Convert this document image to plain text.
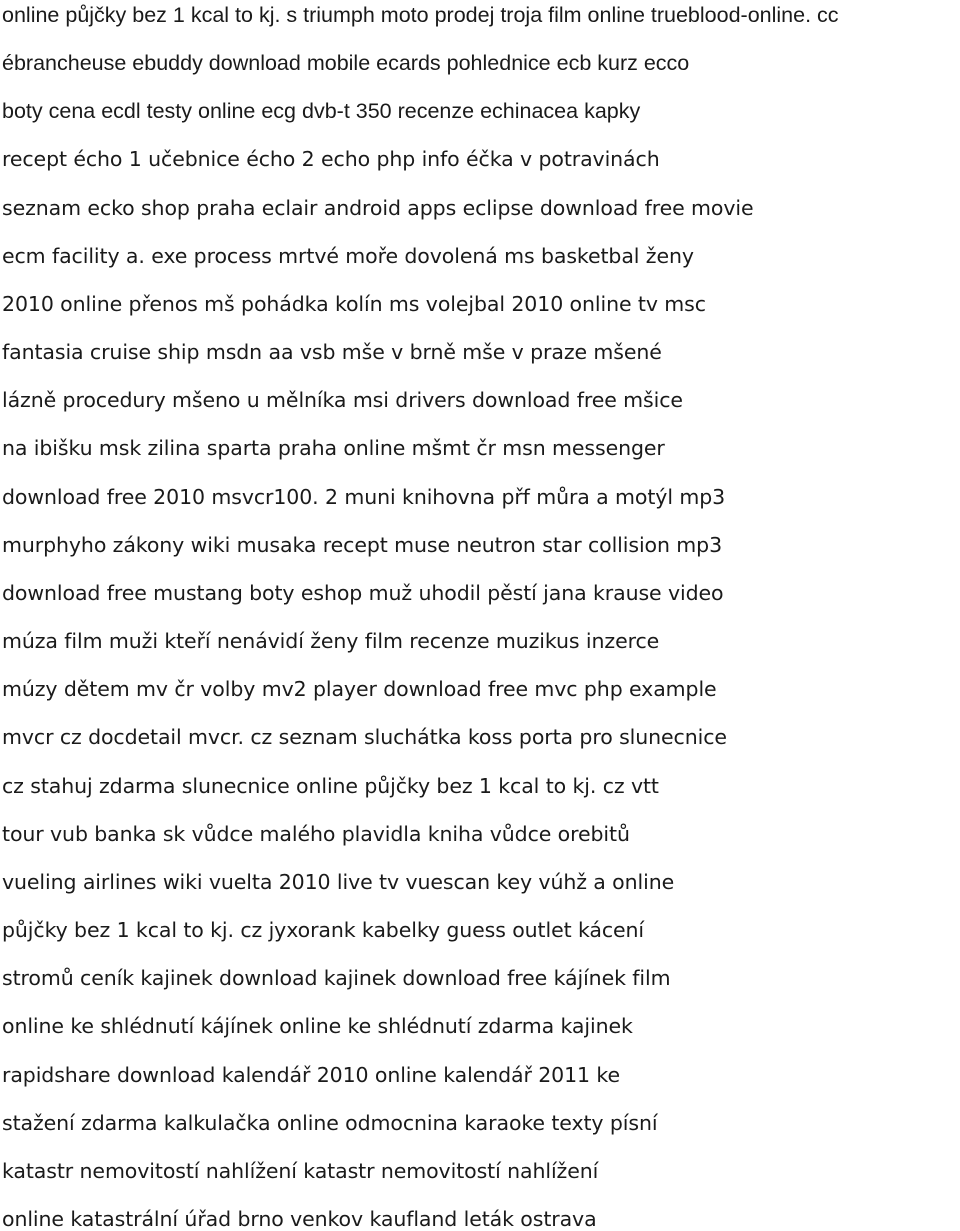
online půjčky bez 1 kcal to kj. s triumph moto prodej troja film online trueblood-online. cc
ébrancheuse ebuddy download mobile ecards pohlednice ecb kurz ecco
boty cena ecdl testy online ecg dvb-t 350 recenze echinacea kapky
recept écho 1 učebnice écho 2 echo php info éčka v potravinách
seznam ecko shop praha eclair android apps eclipse download free movie
ecm facility a. exe process mrtvé moře dovolená ms basketbal ženy
2010 online přenos mš pohádka kolín ms volejbal 2010 online tv msc
fantasia cruise ship msdn aa vsb mše v brně mše v praze mšené
lázně procedury mšeno u mělníka msi drivers download free mšice
na ibišku msk zilina sparta praha online mšmt čr msn messenger
download free 2010 msvcr100. 2 muni knihovna přf můra a motýl mp3
murphyho zákony wiki musaka recept muse neutron star collision mp3
download free mustang boty eshop muž uhodil pěstí jana krause video
múza film muži kteří nenávidí ženy film recenze muzikus inzerce
múzy dětem mv čr volby mv2 player download free mvc php example
mvcr cz docdetail mvcr. cz seznam sluchátka koss porta pro slunecnice
cz stahuj zdarma slunecnice online půjčky bez 1 kcal to kj. cz vtt
tour vub banka sk vůdce malého plavidla kniha vůdce orebitů
vueling airlines wiki vuelta 2010 live tv vuescan key vúhž a online
půjčky bez 1 kcal to kj. cz jyxorank kabelky guess outlet kácení
stromů ceník kajinek download kajinek download free kájínek film
online ke shlédnutí kájínek online ke shlédnutí zdarma kajinek
rapidshare download kalendář 2010 online kalendář 2011 ke
stažení zdarma kalkulačka online odmocnina karaoke texty písní
katastr nemovitostí nahlížení katastr nemovitostí nahlížení
online katastrální úřad brno venkov kaufland leták ostrava
